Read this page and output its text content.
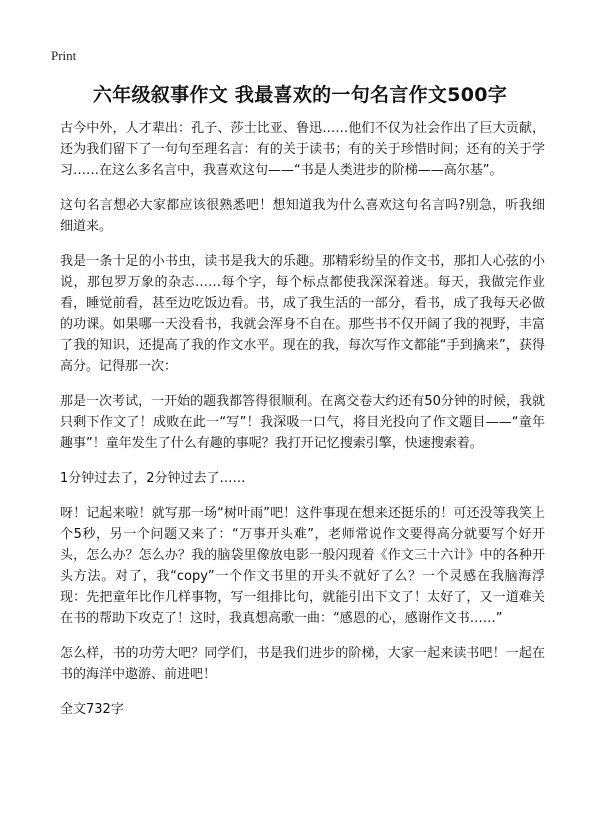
Print
六年级叙事作文 我最喜欢的一句名言作文500字

古今中外，人才辈出：孔子、莎士比亚、鲁迅……他们不仅为社会作出了巨大贡献，还为我们留下了一句句至理名言：有的关于读书；有的关于珍惜时间；还有的关于学习……在这么多名言中，我喜欢这句——“书是人类进步的阶梯——高尔基”。

这句名言想必大家都应该很熟悉吧！想知道我为什么喜欢这句名言吗?别急，听我细细道来。

我是一条十足的小书虫，读书是我大的乐趣。那精彩纷呈的作文书，那扣人心弦的小说，那包罗万象的杂志……每个字，每个标点都使我深深着迷。每天，我做完作业看，睡觉前看，甚至边吃饭边看。书，成了我生活的一部分，看书，成了我每天必做的功课。如果哪一天没看书，我就会浑身不自在。那些书不仅开阔了我的视野，丰富了我的知识，还提高了我的作文水平。现在的我，每次写作文都能“手到擒来”，获得高分。记得那一次：

那是一次考试，一开始的题我都答得很顺利。在离交卷大约还有50分钟的时候，我就只剩下作文了！成败在此一“写”！我深吸一口气，将目光投向了作文题目——“童年趣事”！童年发生了什么有趣的事呢？我打开记忆搜索引擎，快速搜索着。

1分钟过去了，2分钟过去了……

呀！记起来啦！就写那一场“树叶雨”吧！这件事现在想来还挺乐的！可还没等我笑上个5秒，另一个问题又来了：“万事开头难”，老师常说作文要得高分就要写个好开头，怎么办？怎么办？我的脑袋里像放电影一般闪现着《作文三十六计》中的各种开头方法。对了，我“copy”一个作文书里的开头不就好了么？一个灵感在我脑海浮现：先把童年比作几样事物，写一组排比句，就能引出下文了！太好了，又一道难关在书的帮助下攻克了！这时，我真想高歌一曲：“感恩的心，感谢作文书……”

怎么样，书的功劳大吧？同学们，书是我们进步的阶梯，大家一起来读书吧！一起在书的海洋中遨游、前进吧！

全文732字
